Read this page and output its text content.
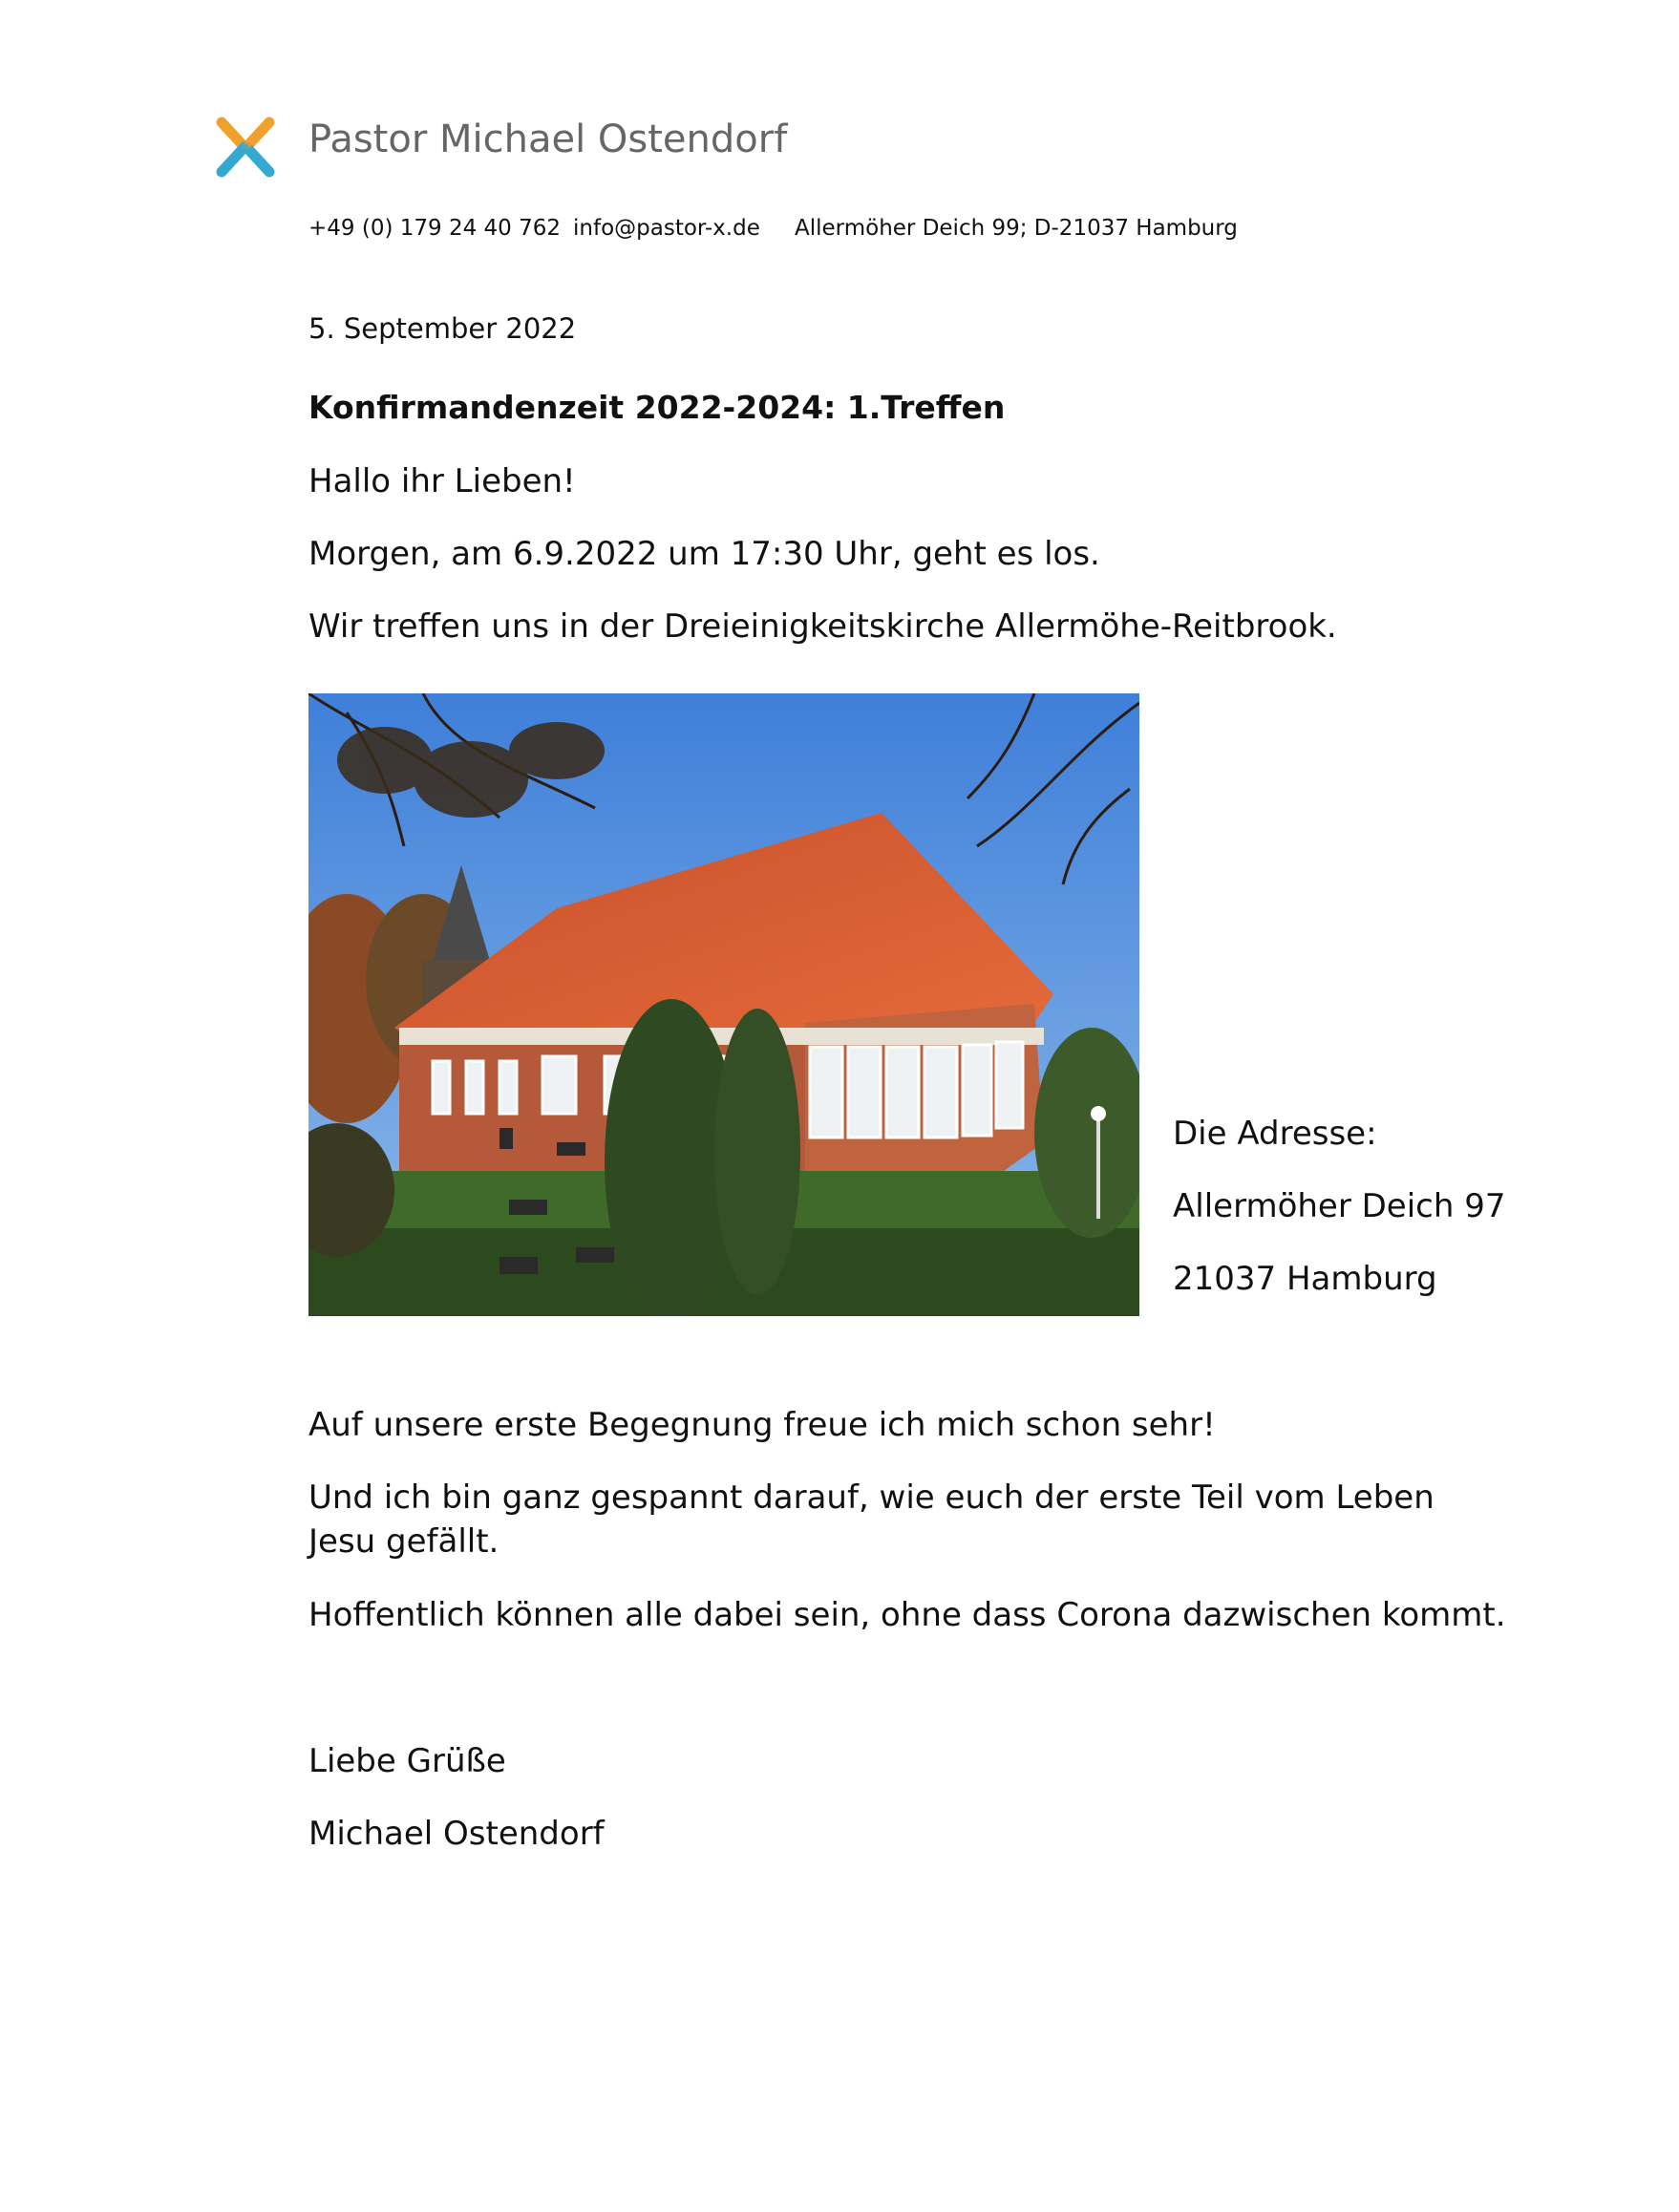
Pastor Michael Ostendorf
+49 (0) 179 24 40 762 info@pastor-x.de Allermöher Deich 99; D-21037 Hamburg
5. September 2022
Konfirmandenzeit 2022-2024: 1.Treffen
Hallo ihr Lieben!
Morgen, am 6.9.2022 um 17:30 Uhr, geht es los.
Wir treffen uns in der Dreieinigkeitskirche Allermöhe-Reitbrook.
Die Adresse:
Allermöher Deich 97
21037 Hamburg
Auf unsere erste Begegnung freue ich mich schon sehr!
Und ich bin ganz gespannt darauf, wie euch der erste Teil vom Leben Jesu gefällt.
Hoffentlich können alle dabei sein, ohne dass Corona dazwischen kommt.
Liebe Grüße
Michael Ostendorf
